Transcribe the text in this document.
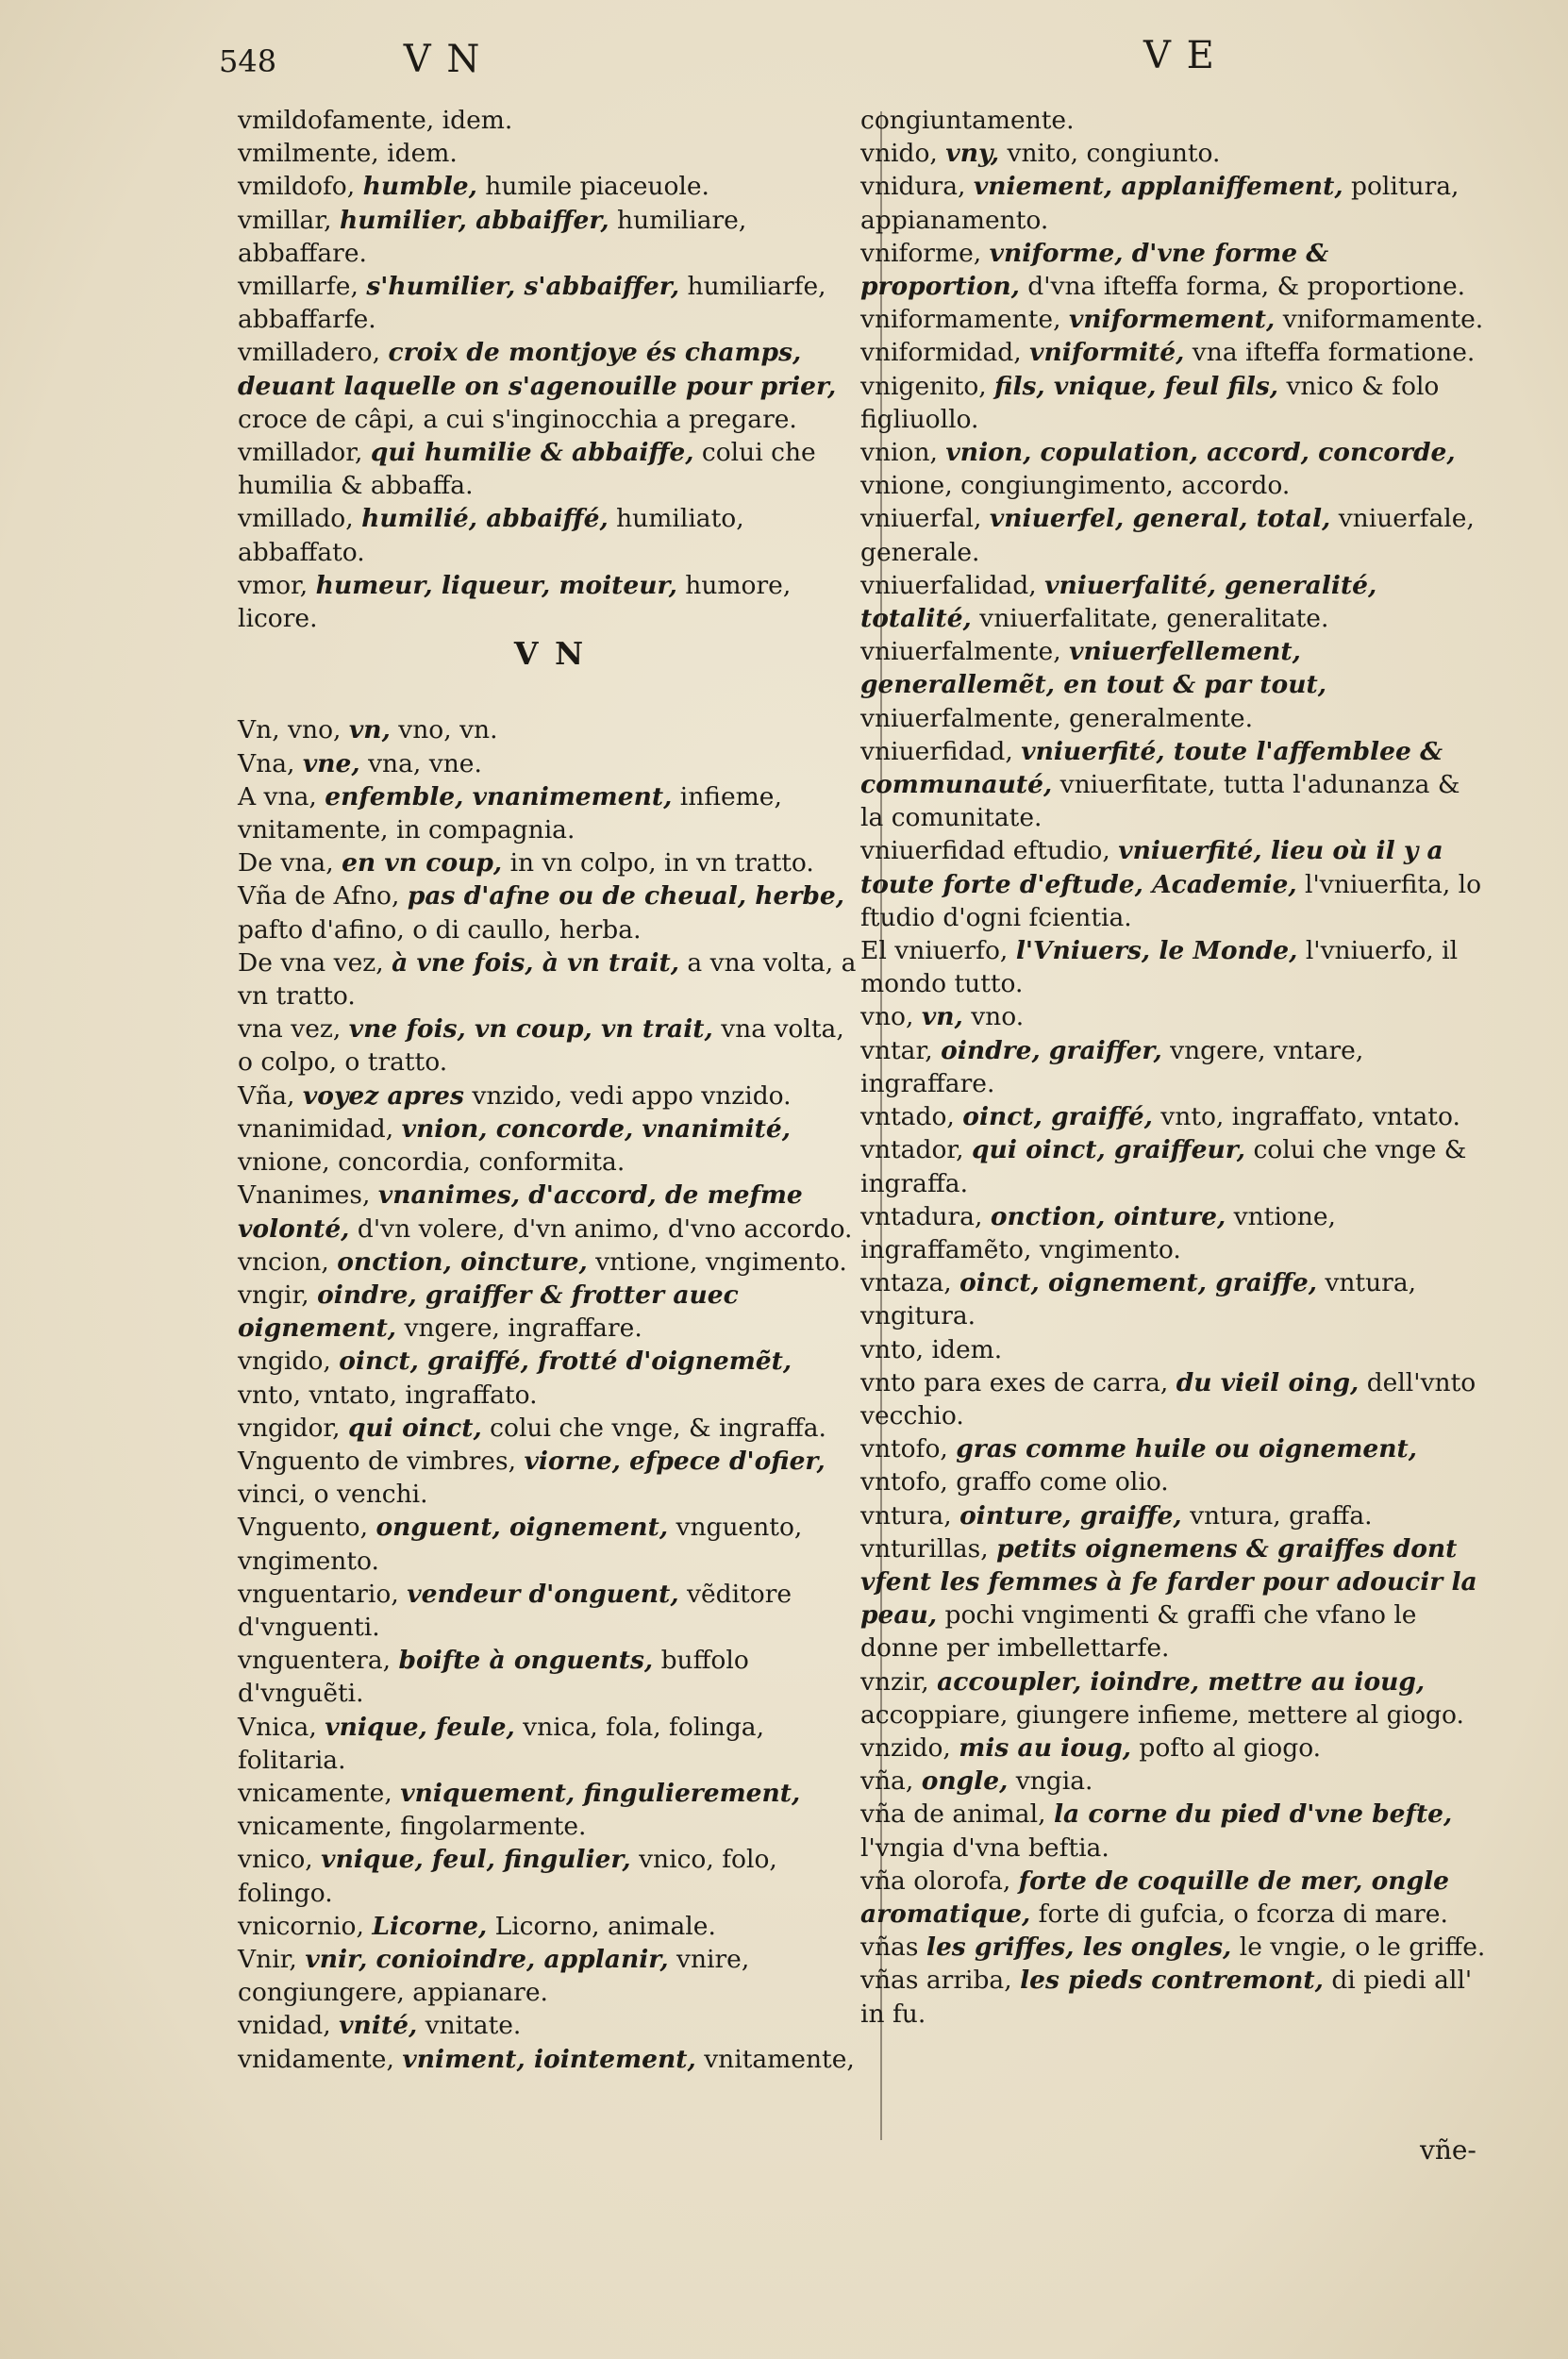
548	V N	V E

vmildofamente, idem.

vmilmente, idem.

vmildofo, humble, humile piaceuole.

vmillar, humilier, abbaiffer, humiliare, abbaffare.

vmillarfe, s'humilier, s'abbaiffer, humiliarfe, abbaffarfe.

vmilladero, croix de montjoye és champs, deuant laquelle on s'agenouille pour prier, croce de câpi, a cui s'inginocchia a pregare.

vmillador, qui humilie & abbaiffe, colui che humilia & abbaffa.

vmillado, humilié, abbaiffé, humiliato, abbaffato.

vmor, humeur, liqueur, moiteur, humore, licore.

V N

Vn, vno, vn, vno, vn.

Vna, vne, vna, vne.

A vna, enfemble, vnanimement, infieme, vnitamente, in compagnia.

De vna, en vn coup, in vn colpo, in vn tratto.

Vña de Afno, pas d'afne ou de cheual, herbe, pafto d'afino, o di caullo, herba.

De vna vez, à vne fois, à vn trait, a vna volta, a vn tratto.

vna vez, vne fois, vn coup, vn trait, vna volta, o colpo, o tratto.

Vña, voyez apres vnzido, vedi appo vnzido.

vnanimidad, vnion, concorde, vnanimité, vnione, concordia, conformita.

Vnanimes, vnanimes, d'accord, de mefme volonté, d'vn volere, d'vn animo, d'vno accordo.

vncion, onction, oincture, vntione, vngimento.

vngir, oindre, graiffer & frotter auec oignement, vngere, ingraffare.

vngido, oinct, graiffé, frotté d'oignemẽt, vnto, vntato, ingraffato.

vngidor, qui oinct, colui che vnge, & ingraffa.

Vnguento de vimbres, viorne, efpece d'ofier, vinci, o venchi.

Vnguento, onguent, oignement, vnguento, vngimento.

vnguentario, vendeur d'onguent, vẽditore d'vnguenti.

vnguentera, boifte à onguents, buffolo d'vnguẽti.

Vnica, vnique, feule, vnica, fola, folinga, folitaria.

vnicamente, vniquement, fingulierement, vnicamente, fingolarmente.

vnico, vnique, feul, fingulier, vnico, folo, folingo.

vnicornio, Licorne, Licorno, animale.

Vnir, vnir, conioindre, applanir, vnire, congiungere, appianare.

vnidad, vnité, vnitate.

vnidamente, vniment, iointement, vnitamente,

congiuntamente.

vnido, vny, vnito, congiunto.

vnidura, vniement, applaniffement, politura, appianamento.

vniforme, vniforme, d'vne forme & proportion, d'vna ifteffa forma, & proportione.

vniformamente, vniformement, vniformamente.

vniformidad, vniformité, vna ifteffa formatione.

vnigenito, fils, vnique, feul fils, vnico & folo figliuollo.

vnion, vnion, copulation, accord, concorde, vnione, congiungimento, accordo.

vniuerfal, vniuerfel, general, total, vniuerfale, generale.

vniuerfalidad, vniuerfalité, generalité, totalité, vniuerfalitate, generalitate.

vniuerfalmente, vniuerfellement, generallemẽt, en tout & par tout, vniuerfalmente, generalmente.

vniuerfidad, vniuerfité, toute l'affemblee & communauté, vniuerfitate, tutta l'adunanza & la comunitate.

vniuerfidad eftudio, vniuerfité, lieu où il y a toute forte d'eftude, Academie, l'vniuerfita, lo ftudio d'ogni fcientia.

El vniuerfo, l'Vniuers, le Monde, l'vniuerfo, il mondo tutto.

vno, vn, vno.

vntar, oindre, graiffer, vngere, vntare, ingraffare.

vntado, oinct, graiffé, vnto, ingraffato, vntato.

vntador, qui oinct, graiffeur, colui che vnge & ingraffa.

vntadura, onction, ointure, vntione, ingraffamẽto, vngimento.

vntaza, oinct, oignement, graiffe, vntura, vngitura.

vnto, idem.

vnto para exes de carra, du vieil oing, dell'vnto vecchio.

vntofo, gras comme huile ou oignement, vntofo, graffo come olio.

vntura, ointure, graiffe, vntura, graffa.

vnturillas, petits oignemens & graiffes dont vfent les femmes à fe farder pour adoucir la peau, pochi vngimenti & graffi che vfano le donne per imbellettarfe.

vnzir, accoupler, ioindre, mettre au ioug, accoppiare, giungere infieme, mettere al giogo.

vnzido, mis au ioug, pofto al giogo.

vña, ongle, vngia.

vña de animal, la corne du pied d'vne befte, l'vngia d'vna beftia.

vña olorofa, forte de coquille de mer, ongle aromatique, forte di gufcia, o fcorza di mare.

vñas les griffes, les ongles, le vngie, o le griffe.

vñas arriba, les pieds contremont, di piedi all' in fu.

vñe-
